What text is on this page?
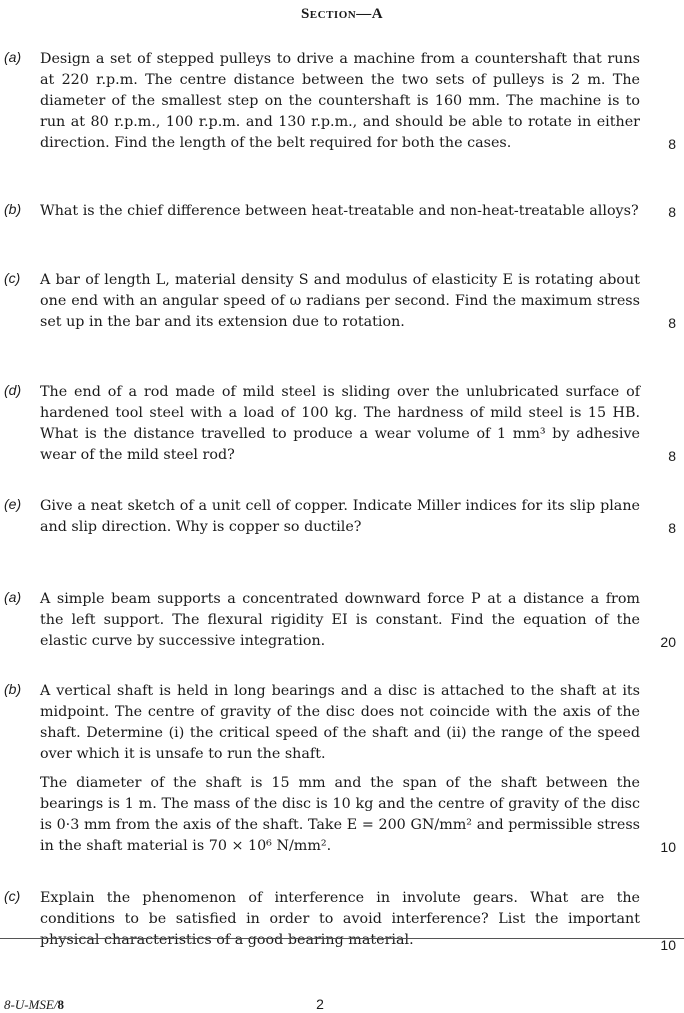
Section—A
(a) Design a set of stepped pulleys to drive a machine from a countershaft that runs at 220 r.p.m. The centre distance between the two sets of pulleys is 2 m. The diameter of the smallest step on the countershaft is 160 mm. The machine is to run at 80 r.p.m., 100 r.p.m. and 130 r.p.m., and should be able to rotate in either direction. Find the length of the belt required for both the cases.	8
(b) What is the chief difference between heat-treatable and non-heat-treatable alloys? 8
(c) A bar of length L, material density S and modulus of elasticity E is rotating about one end with an angular speed of ω radians per second. Find the maximum stress set up in the bar and its extension due to rotation.	8
(d) The end of a rod made of mild steel is sliding over the unlubricated surface of hardened tool steel with a load of 100 kg. The hardness of mild steel is 15 HB. What is the distance travelled to produce a wear volume of 1 mm³ by adhesive wear of the mild steel rod?	8
(e) Give a neat sketch of a unit cell of copper. Indicate Miller indices for its slip plane and slip direction. Why is copper so ductile?	8
(a) A simple beam supports a concentrated downward force P at a distance a from the left support. The flexural rigidity EI is constant. Find the equation of the elastic curve by successive integration.	20
(b) A vertical shaft is held in long bearings and a disc is attached to the shaft at its midpoint. The centre of gravity of the disc does not coincide with the axis of the shaft. Determine (i) the critical speed of the shaft and (ii) the range of the speed over which it is unsafe to run the shaft.

The diameter of the shaft is 15 mm and the span of the shaft between the bearings is 1 m. The mass of the disc is 10 kg and the centre of gravity of the disc is 0·3 mm from the axis of the shaft. Take E = 200 GN/mm² and permissible stress in the shaft material is 70 × 10⁶ N/mm².	10
(c) Explain the phenomenon of interference in involute gears. What are the conditions to be satisfied in order to avoid interference? List the important physical characteristics of a good bearing material.	10
8-U-MSE/8	2
